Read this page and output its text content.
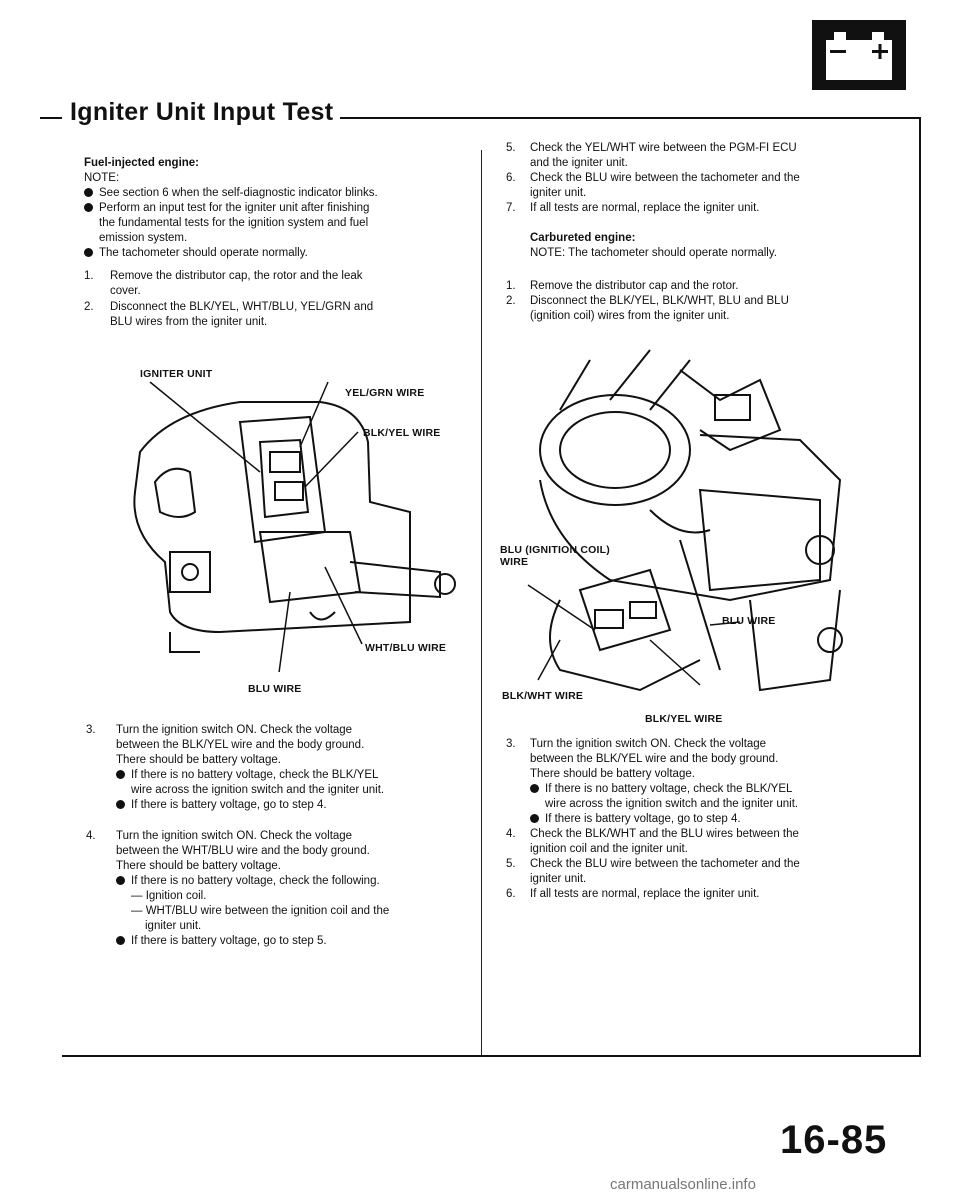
Igniter Unit Input Test
Fuel-injected engine:
NOTE:
See section 6 when the self-diagnostic indicator blinks.
Perform an input test for the igniter unit after finishing
the fundamental tests for the ignition system and fuel
emission system.
The tachometer should operate normally.
1. Remove the distributor cap, the rotor and the leak
cover.
2. Disconnect the BLK/YEL, WHT/BLU, YEL/GRN and
BLU wires from the igniter unit.
IGNITER UNIT
YEL/GRN WIRE
BLK/YEL WIRE
WHT/BLU WIRE
BLU WIRE
3. Turn the ignition switch ON. Check the voltage
between the BLK/YEL wire and the body ground.
There should be battery voltage.
If there is no battery voltage, check the BLK/YEL
wire across the ignition switch and the igniter unit.
If there is battery voltage, go to step 4.
4. Turn the ignition switch ON. Check the voltage
between the WHT/BLU wire and the body ground.
There should be battery voltage.
If there is no battery voltage, check the following.
— Ignition coil.
— WHT/BLU wire between the ignition coil and the
igniter unit.
If there is battery voltage, go to step 5.
5. Check the YEL/WHT wire between the PGM-FI ECU
and the igniter unit.
6. Check the BLU wire between the tachometer and the
igniter unit.
7. If all tests are normal, replace the igniter unit.
Carbureted engine:
NOTE: The tachometer should operate normally.
1. Remove the distributor cap and the rotor.
2. Disconnect the BLK/YEL, BLK/WHT, BLU and BLU
(ignition coil) wires from the igniter unit.
BLU (IGNITION COIL)
WIRE
BLU WIRE
BLK/WHT WIRE
BLK/YEL WIRE
3. Turn the ignition switch ON. Check the voltage
between the BLK/YEL wire and the body ground.
There should be battery voltage.
If there is no battery voltage, check the BLK/YEL
wire across the ignition switch and the igniter unit.
If there is battery voltage, go to step 4.
4. Check the BLK/WHT and the BLU wires between the
ignition coil and the igniter unit.
5. Check the BLU wire between the tachometer and the
igniter unit.
6. If all tests are normal, replace the igniter unit.
16-85
carmanualsonline.info
